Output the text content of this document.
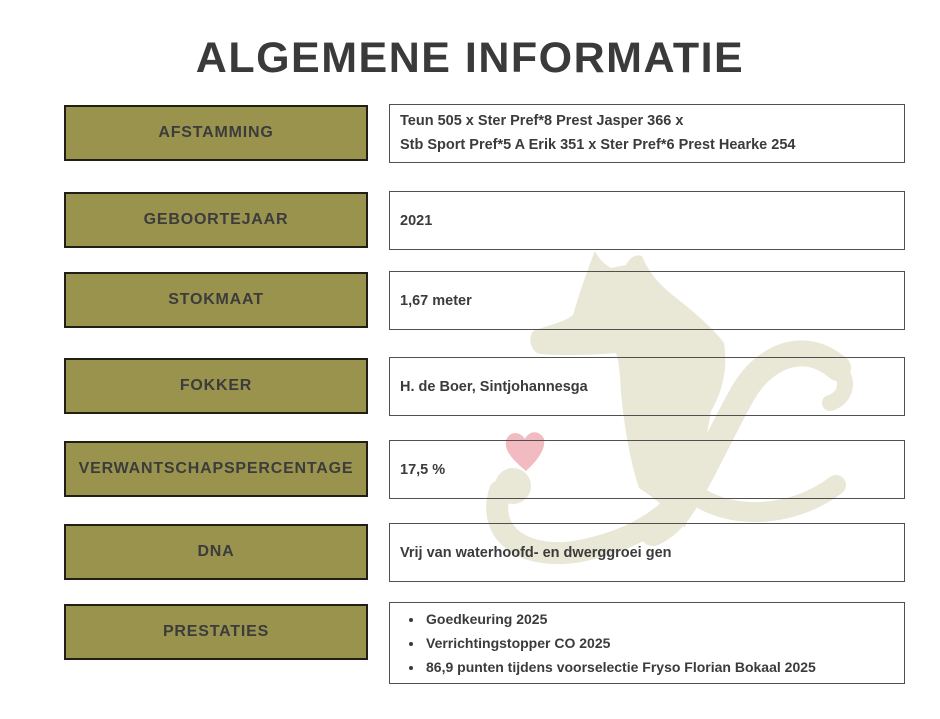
ALGEMENE INFORMATIE
AFSTAMMING
Teun 505 x Ster Pref*8 Prest Jasper 366 x
Stb Sport Pref*5 A Erik 351 x Ster Pref*6 Prest Hearke 254
GEBOORTEJAAR	2021
STOKMAAT	1,67 meter
FOKKER	H. de Boer, Sintjohannesga
VERWANTSCHAPSPERCENTAGE	17,5 %
DNA	Vrij van waterhoofd- en dwerggroei gen
PRESTATIES
• Goedkeuring 2025
• Verrichtingstopper CO 2025
• 86,9 punten tijdens voorselectie Fryso Florian Bokaal 2025
